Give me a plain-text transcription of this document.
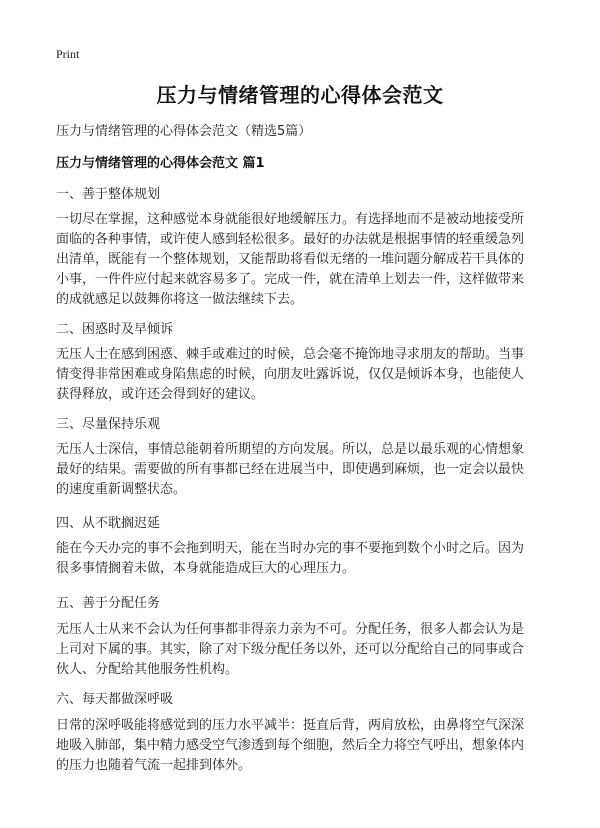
Print
压力与情绪管理的心得体会范文
压力与情绪管理的心得体会范文（精选5篇）
压力与情绪管理的心得体会范文 篇1
一、善于整体规划
一切尽在掌握，这种感觉本身就能很好地缓解压力。有选择地而不是被动地接受所
面临的各种事情，或许使人感到轻松很多。最好的办法就是根据事情的轻重缓急列
出清单，既能有一个整体规划，又能帮助将看似无绪的一堆问题分解成若干具体的
小事，一件件应付起来就容易多了。完成一件，就在清单上划去一件，这样做带来
的成就感足以鼓舞你将这一做法继续下去。
二、困惑时及早倾诉
无压人士在感到困惑、棘手或难过的时候，总会毫不掩饰地寻求朋友的帮助。当事
情变得非常困难或身陷焦虑的时候，向朋友吐露诉说，仅仅是倾诉本身，也能使人
获得释放，或许还会得到好的建议。
三、尽量保持乐观
无压人士深信，事情总能朝着所期望的方向发展。所以，总是以最乐观的心情想象
最好的结果。需要做的所有事都已经在进展当中，即使遇到麻烦，也一定会以最快
的速度重新调整状态。
四、从不耽搁迟延
能在今天办完的事不会拖到明天，能在当时办完的事不要拖到数个小时之后。因为
很多事情搁着未做，本身就能造成巨大的心理压力。
五、善于分配任务
无压人士从来不会认为任何事都非得亲力亲为不可。分配任务，很多人都会认为是
上司对下属的事。其实，除了对下级分配任务以外，还可以分配给自己的同事或合
伙人、分配给其他服务性机构。
六、每天都做深呼吸
日常的深呼吸能将感觉到的压力水平减半：挺直后背，两肩放松，由鼻将空气深深
地吸入肺部，集中精力感受空气渗透到每个细胞，然后全力将空气呼出，想象体内
的压力也随着气流一起排到体外。
